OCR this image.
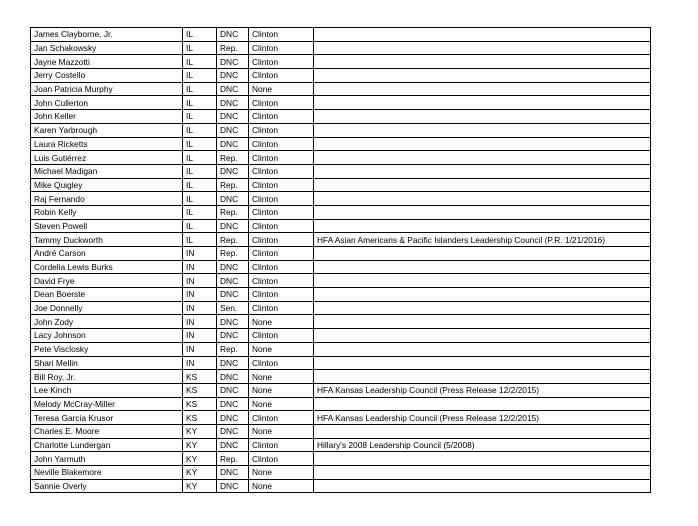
James Clayborne, Jr.	IL	DNC	Clinton	
Jan Schakowsky	IL	Rep.	Clinton	
Jayne Mazzotti	IL	DNC	Clinton	
Jerry Costello	IL	DNC	Clinton	
Joan Patricia Murphy	IL	DNC	None	
John Cullerton	IL	DNC	Clinton	
John Keller	IL	DNC	Clinton	
Karen Yarbrough	IL	DNC	Clinton	
Laura Ricketts	IL	DNC	Clinton	
Luis Gutiérrez	IL	Rep.	Clinton	
Michael Madigan	IL	DNC	Clinton	
Mike Quigley	IL	Rep.	Clinton	
Raj Fernando	IL	DNC	Clinton	
Robin Kelly	IL	Rep.	Clinton	
Steven Powell	IL	DNC	Clinton	
Tammy Duckworth	IL	Rep.	Clinton	HFA Asian Americans & Pacific Islanders Leadership Council (P.R. 1/21/2016)
André Carson	IN	Rep.	Clinton	
Cordelia Lewis Burks	IN	DNC	Clinton	
David Frye	IN	DNC	Clinton	
Dean Boerste	IN	DNC	Clinton	
Joe Donnelly	IN	Sen.	Clinton	
John Zody	IN	DNC	None	
Lacy Johnson	IN	DNC	Clinton	
Pete Visclosky	IN	Rep.	None	
Shari Mellin	IN	DNC	Clinton	
Bill Roy, Jr.	KS	DNC	None	
Lee Kinch	KS	DNC	None	HFA Kansas Leadership Council (Press Release 12/2/2015)
Melody McCray-Miller	KS	DNC	None	
Teresa Garcia Krusor	KS	DNC	Clinton	HFA Kansas Leadership Council (Press Release 12/2/2015)
Charles E. Moore	KY	DNC	None	
Charlotte Lundergan	KY	DNC	Clinton	Hillary's 2008 Leadership Council (5/2008)
John Yarmuth	KY	Rep.	Clinton	
Neville Blakemore	KY	DNC	None	
Sannie Overly	KY	DNC	None	
